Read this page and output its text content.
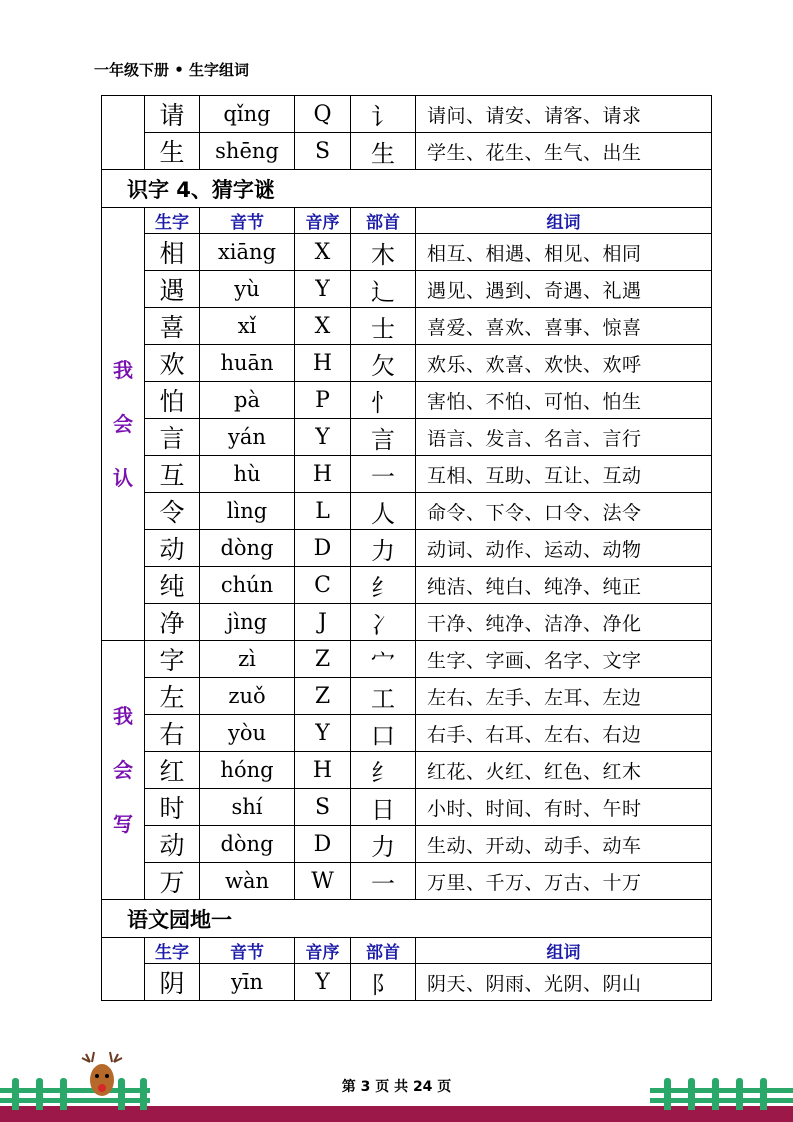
一年级下册 • 生字组词
	请	qǐng	Q	讠	请问、请安、请客、请求
	生	shēng	S	生	学生、花生、生气、出生
识字 4、猜字谜					

我
会
认	生字	音节	音序	部首	组词
	相	xiāng	X	木	相互、相遇、相见、相同
	遇	yù	Y	辶	遇见、遇到、奇遇、礼遇
	喜	xǐ	X	士	喜爱、喜欢、喜事、惊喜
	欢	huān	H	欠	欢乐、欢喜、欢快、欢呼
	怕	pà	P	忄	害怕、不怕、可怕、怕生
	言	yán	Y	言	语言、发言、名言、言行
	互	hù	H	一	互相、互助、互让、互动
	令	lìng	L	人	命令、下令、口令、法令
	动	dòng	D	力	动词、动作、运动、动物
	纯	chún	C	纟	纯洁、纯白、纯净、纯正
	净	jìng	J	冫	干净、纯净、洁净、净化

我
会
写	字	zì	Z	宀	生字、字画、名字、文字
	左	zuǒ	Z	工	左右、左手、左耳、左边
	右	yòu	Y	口	右手、右耳、左右、右边
	红	hóng	H	纟	红花、火红、红色、红木
	时	shí	S	日	小时、时间、有时、午时
	动	dòng	D	力	生动、开动、动手、动车
	万	wàn	W	一	万里、千万、万古、十万
语文园地一					
	生字	音节	音序	部首	组词
	阴	yīn	Y	阝	阴天、阴雨、光阴、阴山
第 3 页 共 24 页
